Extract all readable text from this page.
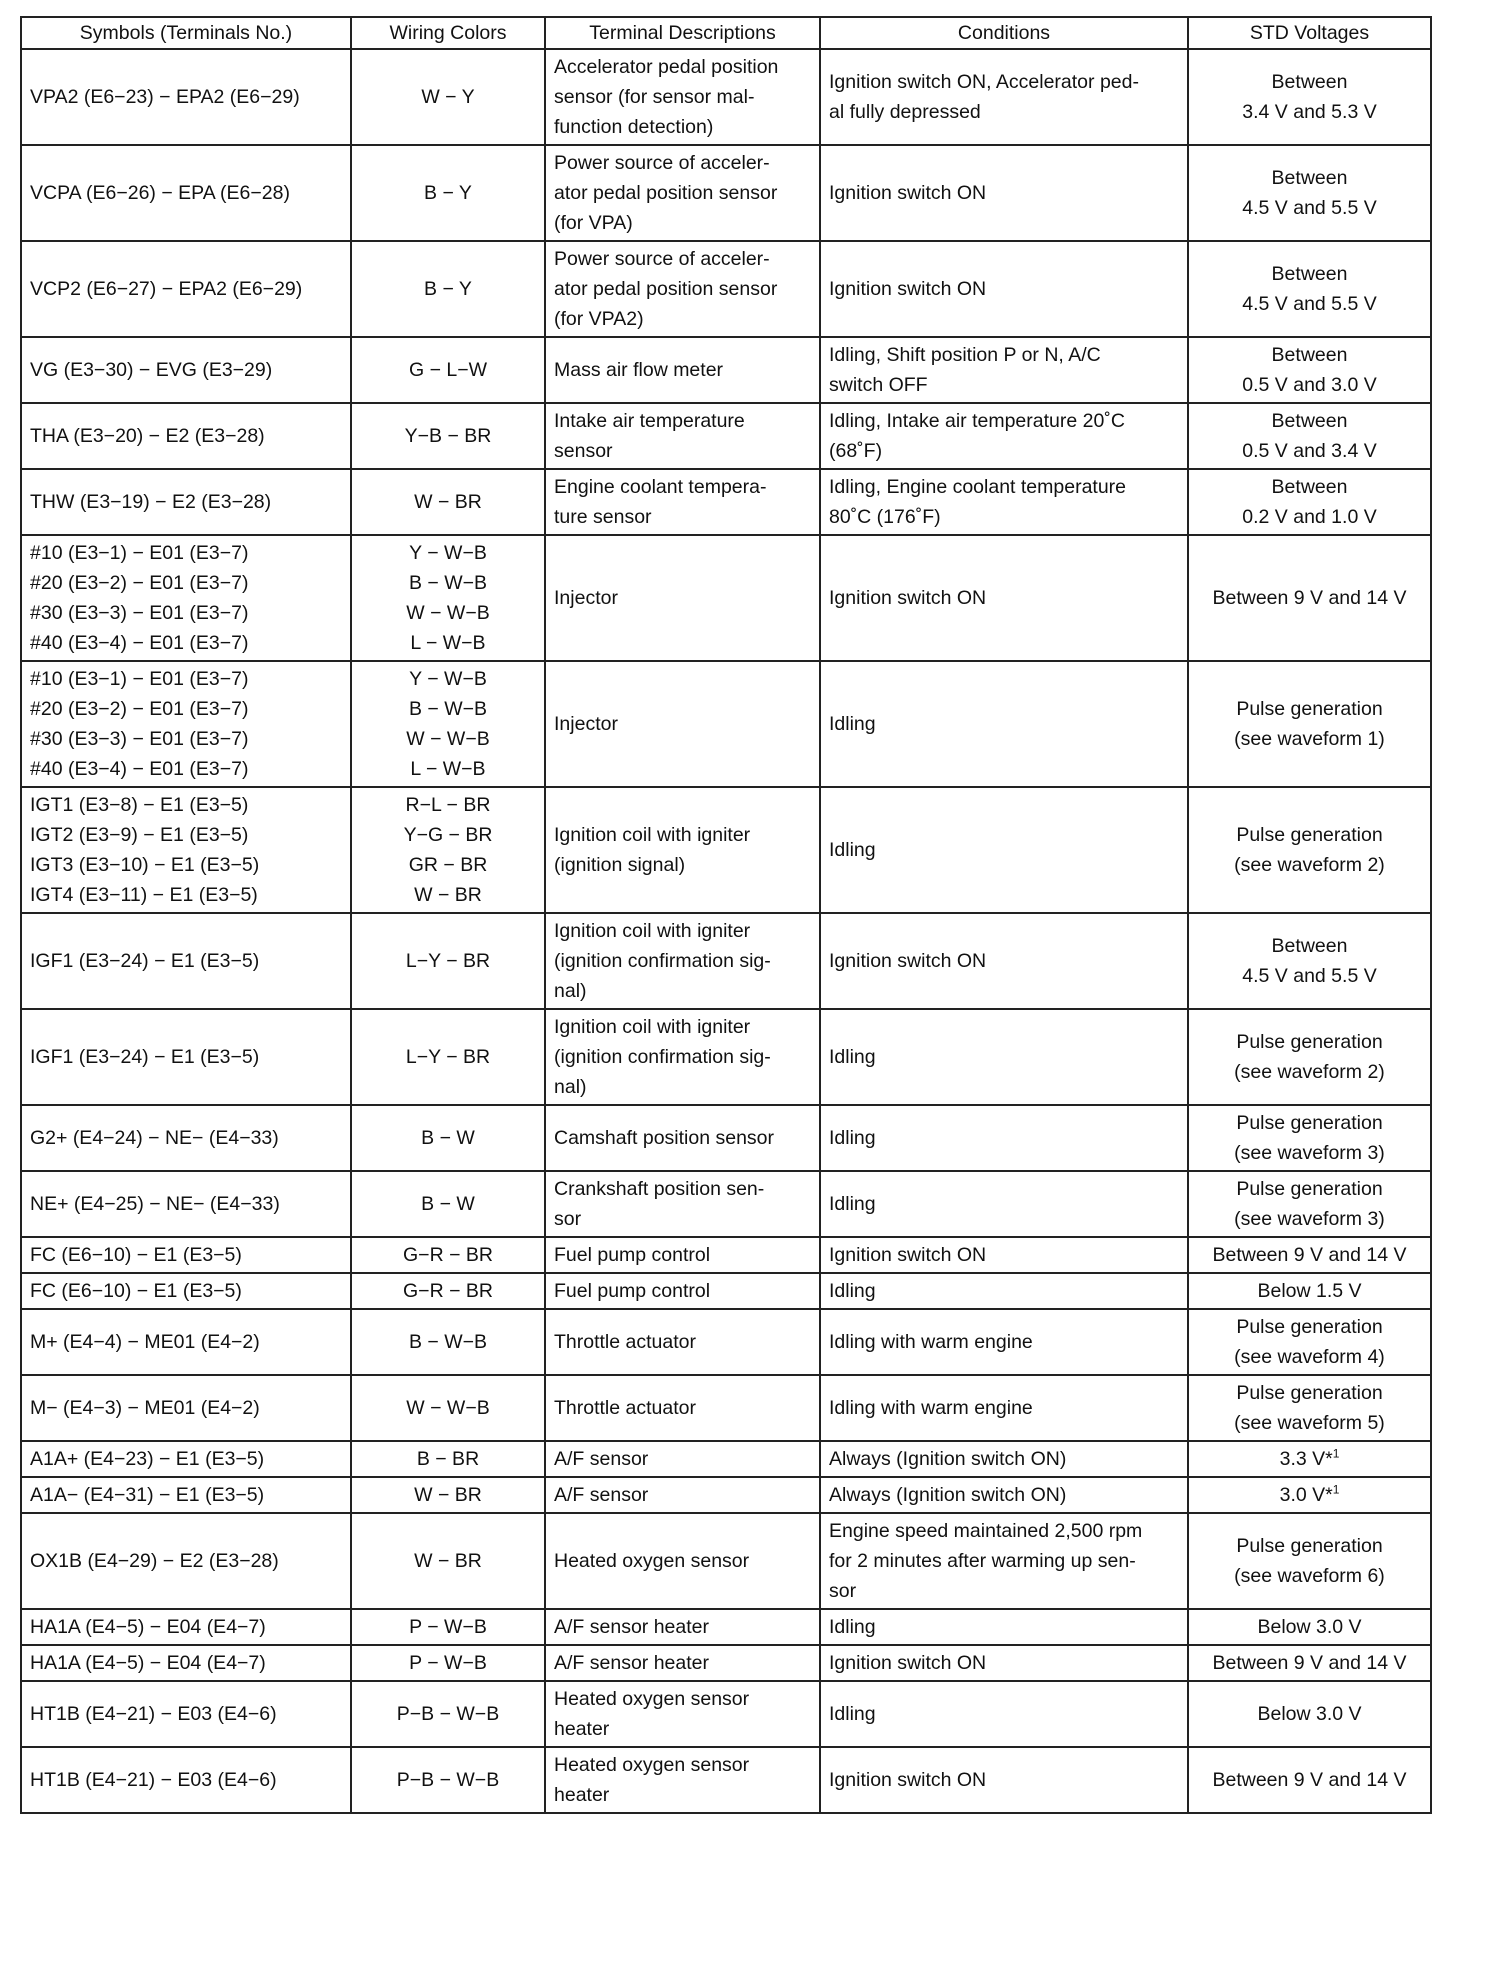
Symbols (Terminals No.)	Wiring Colors	Terminal Descriptions	Conditions	STD Voltages

VPA2 (E6−23) − EPA2 (E6−29)	W − Y	Accelerator pedal position
sensor (for sensor mal-
function detection)	Ignition switch ON, Accelerator ped-
al fully depressed	Between
3.4 V and 5.3 V

VCPA (E6−26) − EPA (E6−28)	B − Y	Power source of acceler-
ator pedal position sensor
(for VPA)	Ignition switch ON	Between
4.5 V and 5.5 V

VCP2 (E6−27) − EPA2 (E6−29)	B − Y	Power source of acceler-
ator pedal position sensor
(for VPA2)	Ignition switch ON	Between
4.5 V and 5.5 V

VG (E3−30) − EVG (E3−29)	G − L−W	Mass air flow meter	Idling, Shift position P or N, A/C
switch OFF	Between
0.5 V and 3.0 V

THA (E3−20) − E2 (E3−28)	Y−B − BR	Intake air temperature
sensor	Idling, Intake air temperature 20˚C
(68˚F)	Between
0.5 V and 3.4 V

THW (E3−19) − E2 (E3−28)	W − BR	Engine coolant tempera-
ture sensor	Idling, Engine coolant temperature
80˚C (176˚F)	Between
0.2 V and 1.0 V

#10 (E3−1) − E01 (E3−7)
#20 (E3−2) − E01 (E3−7)
#30 (E3−3) − E01 (E3−7)
#40 (E3−4) − E01 (E3−7)	Y − W−B
B − W−B
W − W−B
L − W−B	Injector	Ignition switch ON	Between 9 V and 14 V

#10 (E3−1) − E01 (E3−7)
#20 (E3−2) − E01 (E3−7)
#30 (E3−3) − E01 (E3−7)
#40 (E3−4) − E01 (E3−7)	Y − W−B
B − W−B
W − W−B
L − W−B	Injector	Idling	Pulse generation
(see waveform 1)

IGT1 (E3−8) − E1 (E3−5)
IGT2 (E3−9) − E1 (E3−5)
IGT3 (E3−10) − E1 (E3−5)
IGT4 (E3−11) − E1 (E3−5)	R−L − BR
Y−G − BR
GR − BR
W − BR	Ignition coil with igniter
(ignition signal)	Idling	Pulse generation
(see waveform 2)

IGF1 (E3−24) − E1 (E3−5)	L−Y − BR	Ignition coil with igniter
(ignition confirmation sig-
nal)	Ignition switch ON	Between
4.5 V and 5.5 V

IGF1 (E3−24) − E1 (E3−5)	L−Y − BR	Ignition coil with igniter
(ignition confirmation sig-
nal)	Idling	Pulse generation
(see waveform 2)

G2+ (E4−24) − NE− (E4−33)	B − W	Camshaft position sensor	Idling	Pulse generation
(see waveform 3)

NE+ (E4−25) − NE− (E4−33)	B − W	Crankshaft position sen-
sor	Idling	Pulse generation
(see waveform 3)

FC (E6−10) − E1 (E3−5)	G−R − BR	Fuel pump control	Ignition switch ON	Between 9 V and 14 V

FC (E6−10) − E1 (E3−5)	G−R − BR	Fuel pump control	Idling	Below 1.5 V

M+ (E4−4) − ME01 (E4−2)	B − W−B	Throttle actuator	Idling with warm engine	Pulse generation
(see waveform 4)

M− (E4−3) − ME01 (E4−2)	W − W−B	Throttle actuator	Idling with warm engine	Pulse generation
(see waveform 5)

A1A+ (E4−23) − E1 (E3−5)	B − BR	A/F sensor	Always (Ignition switch ON)	3.3 V*$^1$

A1A− (E4−31) − E1 (E3−5)	W − BR	A/F sensor	Always (Ignition switch ON)	3.0 V*$^1$

OX1B (E4−29) − E2 (E3−28)	W − BR	Heated oxygen sensor	Engine speed maintained 2,500 rpm
for 2 minutes after warming up sen-
sor	Pulse generation
(see waveform 6)

HA1A (E4−5) − E04 (E4−7)	P − W−B	A/F sensor heater	Idling	Below 3.0 V

HA1A (E4−5) − E04 (E4−7)	P − W−B	A/F sensor heater	Ignition switch ON	Between 9 V and 14 V

HT1B (E4−21) − E03 (E4−6)	P−B − W−B	Heated oxygen sensor
heater	Idling	Below 3.0 V

HT1B (E4−21) − E03 (E4−6)	P−B − W−B	Heated oxygen sensor
heater	Ignition switch ON	Between 9 V and 14 V
